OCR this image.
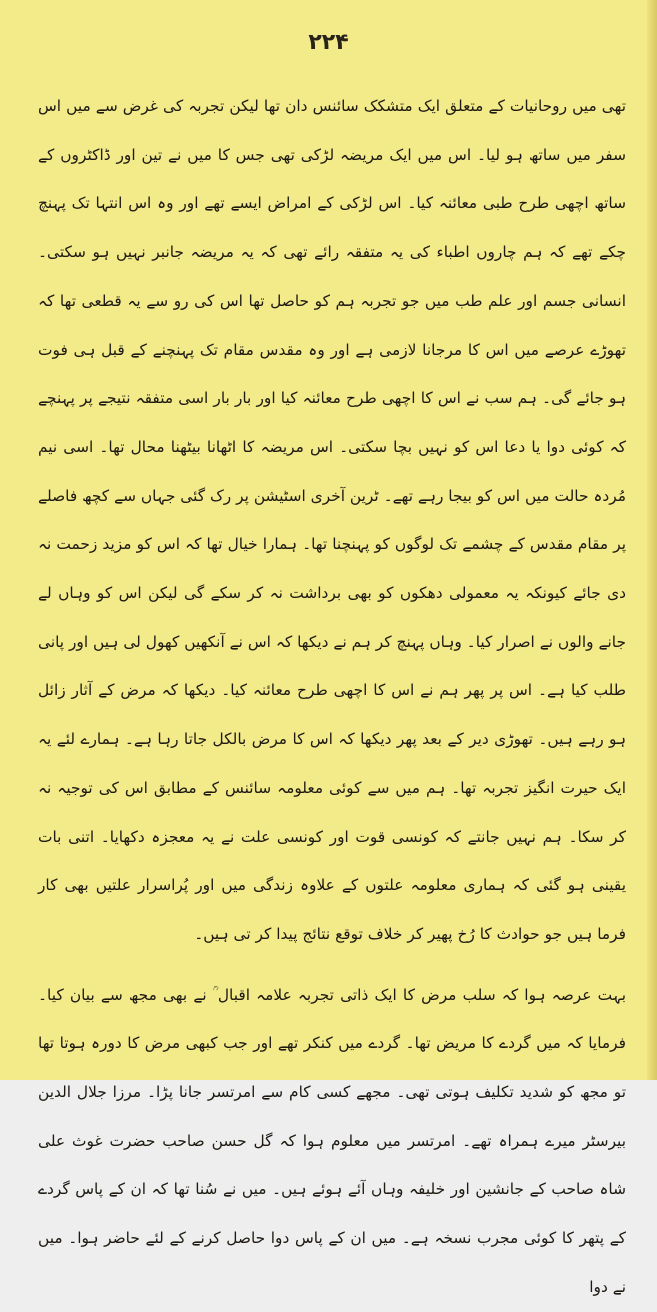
۲۲۴

تھی میں روحانیات کے متعلق ایک متشکک سائنس دان تھا لیکن تجربہ کی غرض سے میں اس سفر میں ساتھ ہو لیا۔ اس میں ایک مریضہ لڑکی تھی جس کا میں نے تین اور ڈاکٹروں کے ساتھ اچھی طرح طبی معائنہ کیا۔ اس لڑکی کے امراض ایسے تھے اور وہ اس انتہا تک پہنچ چکے تھے کہ ہم چاروں اطباء کی یہ متفقہ رائے تھی کہ یہ مریضہ جانبر نہیں ہو سکتی۔ انسانی جسم اور علم طب میں جو تجربہ ہم کو حاصل تھا اس کی رو سے یہ قطعی تھا کہ تھوڑے عرصے میں اس کا مرجانا لازمی ہے اور وہ مقدس مقام تک پہنچنے کے قبل ہی فوت ہو جائے گی۔ ہم سب نے اس کا اچھی طرح معائنہ کیا اور بار بار اسی متفقہ نتیجے پر پہنچے کہ کوئی دوا یا دعا اس کو نہیں بچا سکتی۔ اس مریضہ کا اٹھانا بیٹھنا محال تھا۔ اسی نیم مُردہ حالت میں اس کو بیجا رہے تھے۔ ٹرین آخری اسٹیشن پر رک گئی جہاں سے کچھ فاصلے پر مقام مقدس کے چشمے تک لوگوں کو پہنچنا تھا۔ ہمارا خیال تھا کہ اس کو مزید زحمت نہ دی جائے کیونکہ یہ معمولی دھکوں کو بھی برداشت نہ کر سکے گی لیکن اس کو وہاں لے جانے والوں نے اصرار کیا۔ وہاں پہنچ کر ہم نے دیکھا کہ اس نے آنکھیں کھول لی ہیں اور پانی طلب کیا ہے۔ اس پر پھر ہم نے اس کا اچھی طرح معائنہ کیا۔ دیکھا کہ مرض کے آثار زائل ہو رہے ہیں۔ تھوڑی دیر کے بعد پھر دیکھا کہ اس کا مرض بالکل جاتا رہا ہے۔ ہمارے لئے یہ ایک حیرت انگیز تجربہ تھا۔ ہم میں سے کوئی معلومہ سائنس کے مطابق اس کی توجیہ نہ کر سکا۔ ہم نہیں جانتے کہ کونسی قوت اور کونسی علت نے یہ معجزہ دکھایا۔ اتنی بات یقینی ہو گئی کہ ہماری معلومہ علتوں کے علاوہ زندگی میں اور پُراسرار علتیں بھی کار فرما ہیں جو حوادث کا رُخ پھیر کر خلاف توقع نتائج پیدا کر تی ہیں۔

بہت عرصہ ہوا کہ سلب مرض کا ایک ذاتی تجربہ علامہ اقبال ؒ نے بھی مجھ سے بیان کیا۔ فرمایا کہ میں گردے کا مریض تھا۔ گردے میں کنکر تھے اور جب کبھی مرض کا دورہ ہوتا تھا تو مجھ کو شدید تکلیف ہوتی تھی۔ مجھے کسی کام سے امرتسر جانا پڑا۔ مرزا جلال الدین بیرسٹر میرے ہمراہ تھے۔ امرتسر میں معلوم ہوا کہ گل حسن صاحب حضرت غوث علی شاہ صاحب کے جانشین اور خلیفہ وہاں آئے ہوئے ہیں۔ میں نے سُنا تھا کہ ان کے پاس گردے کے پتھر کا کوئی مجرب نسخہ ہے۔ میں ان کے پاس دوا حاصل کرنے کے لئے حاضر ہوا۔ میں نے دوا
